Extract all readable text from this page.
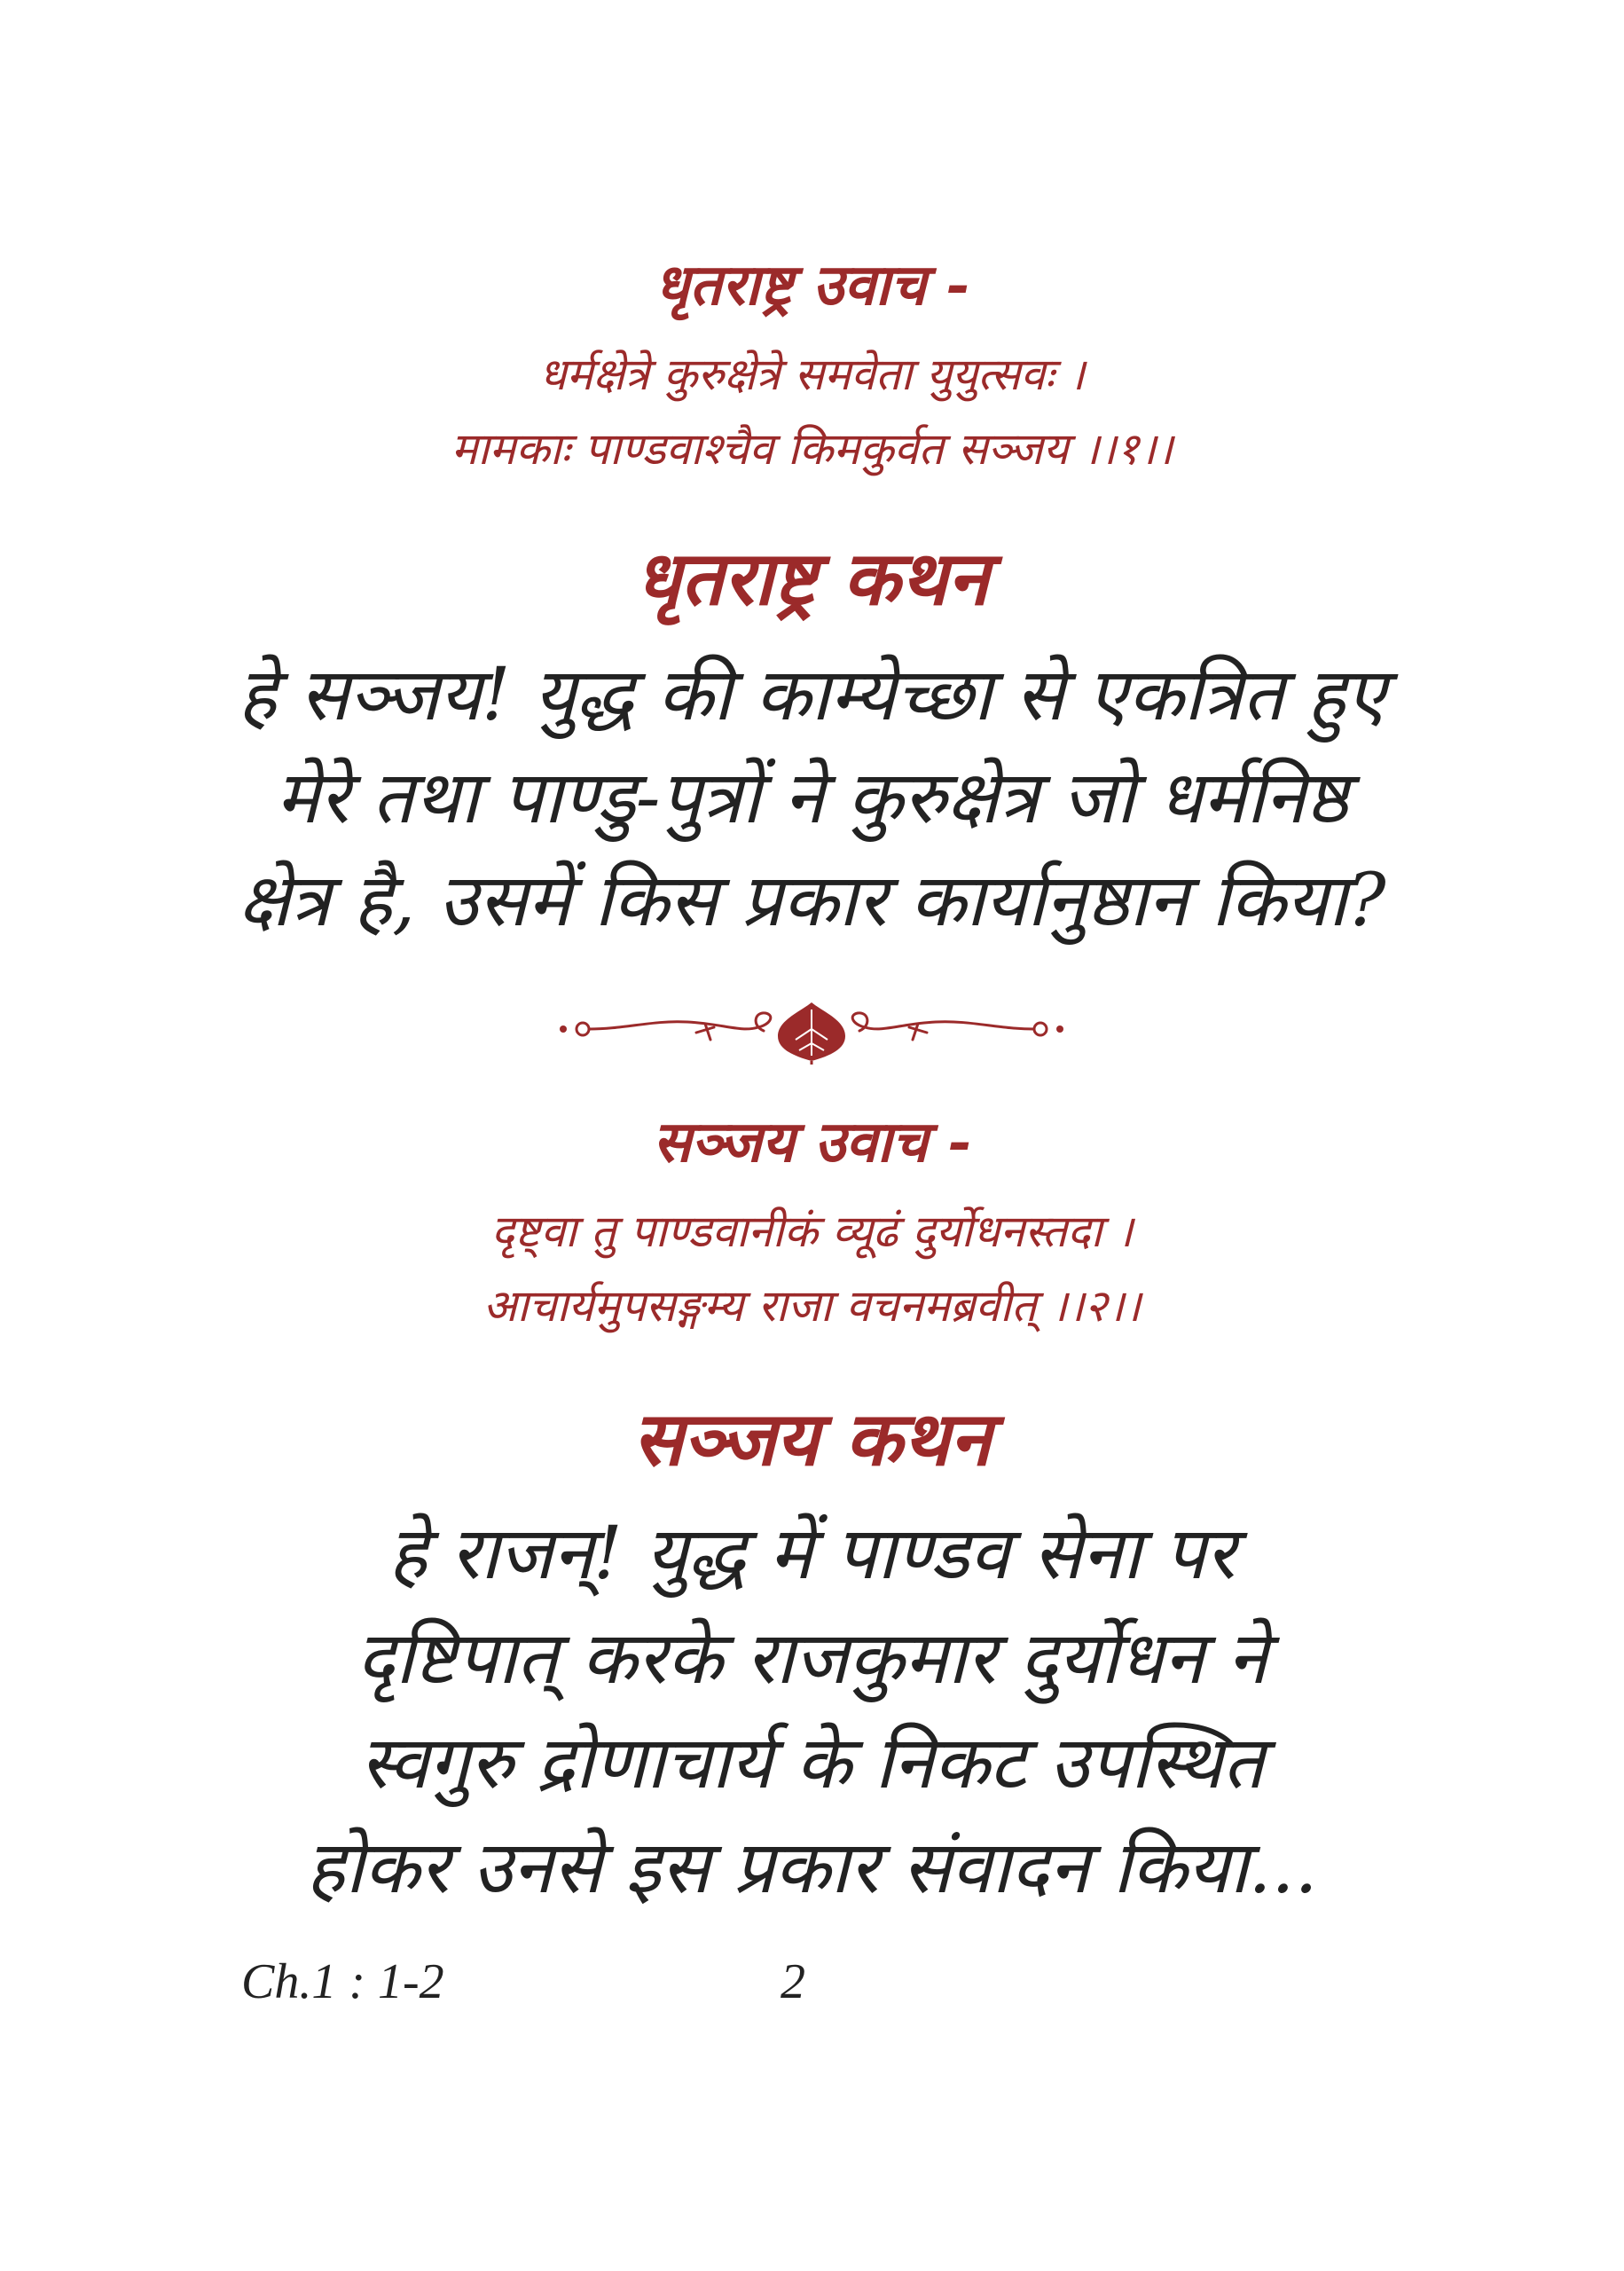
धृतराष्ट्र उवाच -
धर्मक्षेत्रे कुरुक्षेत्रे समवेता युयुत्सवः ।
मामकाः पाण्डवाश्चैव किमकुर्वत सञ्जय ।।१।।
धृतराष्ट्र कथन
हे सञ्जय! युद्ध की काम्येच्छा से एकत्रित हुए
मेरे तथा पाण्डु-पुत्रों ने कुरुक्षेत्र जो धर्मनिष्ठ
क्षेत्र है, उसमें किस प्रकार कार्यानुष्ठान किया?
सञ्जय उवाच -
दृष्ट्वा तु पाण्डवानीकं व्यूढं दुर्योधनस्तदा ।
आचार्यमुपसङ्गम्य राजा वचनमब्रवीत् ।।२।।
सञ्जय कथन
हे राजन्! युद्ध में पाण्डव सेना पर
दृष्टिपात् करके राजकुमार दुर्योधन ने
स्वगुरु द्रोणाचार्य के निकट उपस्थित
होकर उनसे इस प्रकार संवादन किया...
Ch.1 : 1-2	2
